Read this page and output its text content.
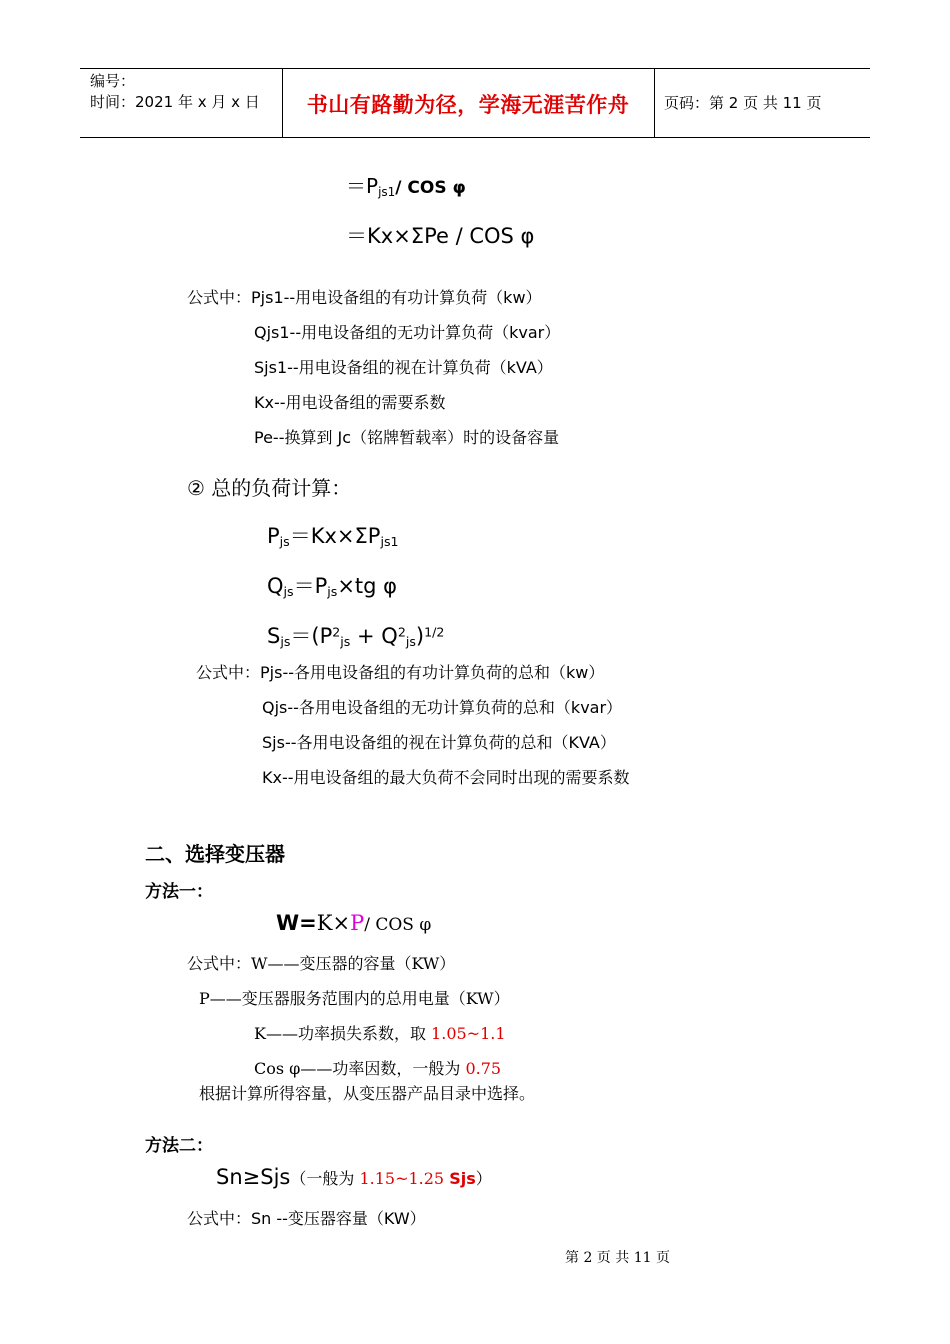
编号：
时间：2021 年 x 月 x 日	书山有路勤为径，学海无涯苦作舟	页码：第 2 页 共 11 页
$=P_{js1}/$ COS φ
＝Kx×ΣPe / COS φ
公式中：Pjs1--用电设备组的有功计算负荷（kw）
Qjs1--用电设备组的无功计算负荷（kvar）
Sjs1--用电设备组的视在计算负荷（kVA）
Kx--用电设备组的需要系数
Pe--换算到 Jc（铭牌暂载率）时的设备容量
② 总的负荷计算：
$P_{js}=Kx\times\Sigma P_{js1}$
$Q_{js}=P_{js}\times tg$ φ
$S_{js}=(P^2_{js} + Q^2_{js})^{1/2}$
公式中：Pjs--各用电设备组的有功计算负荷的总和（kw）
Qjs--各用电设备组的无功计算负荷的总和（kvar）
Sjs--各用电设备组的视在计算负荷的总和（KVA）
Kx--用电设备组的最大负荷不会同时出现的需要系数
二、选择变压器
方法一：
W=K×P/ COS φ
公式中：W——变压器的容量（KW）
P——变压器服务范围内的总用电量（KW）
K——功率损失系数，取 1.05~1.1
Cos φ——功率因数，一般为 0.75
根据计算所得容量，从变压器产品目录中选择。
方法二：
Sn≥Sjs（一般为 1.15~1.25 Sjs）
公式中：Sn --变压器容量（KW）
第 2 页 共 11 页
